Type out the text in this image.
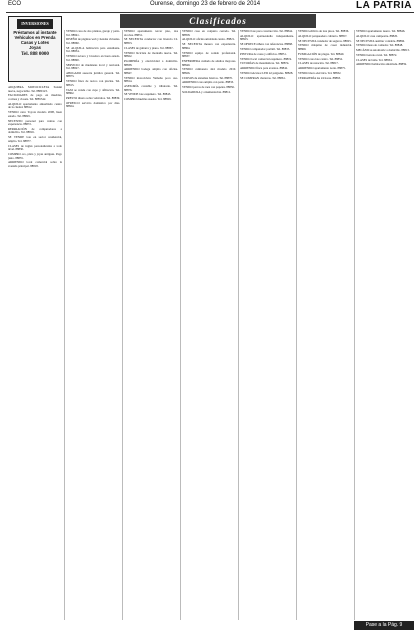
ECO	Ourense, domingo 23 de febrero de 2014	LA PATRIA
Clasificados
INVERSIONES
Préstamos al instante
Vehículos en Prenda
Casas y Lotes
Joyas
Tel. 888 0000

ADQUIERA MOTOCICLETA Suzuki nueva, negociable. Tel. 8880123.

FACILIDADES de pago en muebles, cocinas y closets. Tel. 8885542.

ALQUILO apartamento amueblado centro de la ciudad. 88812.

VENDO carro Toyota modelo 2008, buen estado. Tel. 88845.

NECESITO personal para ventas con experiencia. 88872.

REPARACIÓN de computadores a domicilio. Tel. 88816.

SE VENDE lote en sector residencial, amplio. Tel. 88877.

CLASES de inglés personalizadas a todo nivel. 88830.

COMPRO oro, plata y joyas antiguas. Pago justo. 88855.

ARRIENDO local comercial sobre la avenida principal. 88818.

VENDO casa de dos plantas, garaje y patio. Tel. 88841.

DISEÑO de páginas web y tiendas virtuales. Tel. 88860.

SE ALQUILA habitación para estudiante. Tel. 88834.

VENDO nevera y lavadora en buen estado. Tel. 88890.

SERVICIO de mudanzas local y nacional. Tel. 88827.

ABOGADO asesoría jurídica general. Tel. 88873.

VENDO finca de recreo con piscina. Tel. 88815.

TAXI se vende con cupo y afiliación. Tel. 88862.

PRESTO dinero sobre vehículos. Tel. 88839.

OFREZCO servicio doméstico por días. 88824.

VENDO apartamento tercer piso, dos alcobas. 88831.

SE NECESITA conductor con licencia C2. 88853.

CLASES de guitarra y piano. Tel. 88867.

VENDO bicicleta de montaña nueva. Tel. 88822.

PLOMERÍA y electricidad a domicilio. 88838.

ARRIENDO bodega amplia con oficina. 88847.

VENDO motocicleta Yamaha poco uso. 88814.

ASESORÍA contable y tributaria. Tel. 88876.

SE VENDE lote esquinero. Tel. 88843.

COMPRO muebles usados. Tel. 88829.

VENDO casa en conjunto cerrado. Tel. 88858.

ALQUILO oficina amoblada centro. 88821.

SE NECESITA mesera con experiencia. 88864.

VENDO equipo de sonido profesional. 88837.

ENFERMERA cuidado de adultos mayores. 88849.

VENDO camioneta 4x4 modelo 2010. 88826.

CURSOS de sistemas básicos. Tel. 88870.

ARRIENDO casa amplia con patio. 88833.

VENDO perros de raza con papeles. 88856.

SOLDADURA y ornamentación. 88812.

VENDO lote para construcción. Tel. 88844.

ALQUILO apartaestudio independiente. 88823.

SE OFRECE niñera con referencias. 88868.

VENDO computador portátil. Tel. 88835.

PINTURA de casas y edificios. 88851.

VENDO local comercial esquinero. 88819.

TUTORÍAS de matemáticas. Tel. 88874.

ARRIENDO finca para eventos. 88842.

VENDO televisor LED 42 pulgadas. 88828.

SE COMPRAN chatarras. Tel. 88861.

VENDO edificio de tres pisos. Tel. 88836.

ALQUILO parqueadero cubierto. 88857.

SE NECESITA vendedor de seguros. 88825.

VENDO máquina de coser industrial. 88869.

FUMIGACIÓN de plagas. Tel. 88840.

VENDO casa lote centro. Tel. 88852.

CLASES de natación. Tel. 88817.

ARRIENDO apartamento norte. 88875.

VENDO moto eléctrica. Tel. 88832.

CERRAJERÍA las 24 horas. 88863.

VENDO apartamento nuevo. Tel. 88846.

ALQUILO casa campestre. 88820.

SE NECESITA auxiliar contable. 88866.

VENDO mesa de comedor. Tel. 88848.

MECÁNICA automotriz a domicilio. 88813.

VENDO terreno rural. Tel. 88872.

CLASES de baile. Tel. 88834.

ARRIENDO habitación amoblada. 88859.

Pase a la Pág. 9
